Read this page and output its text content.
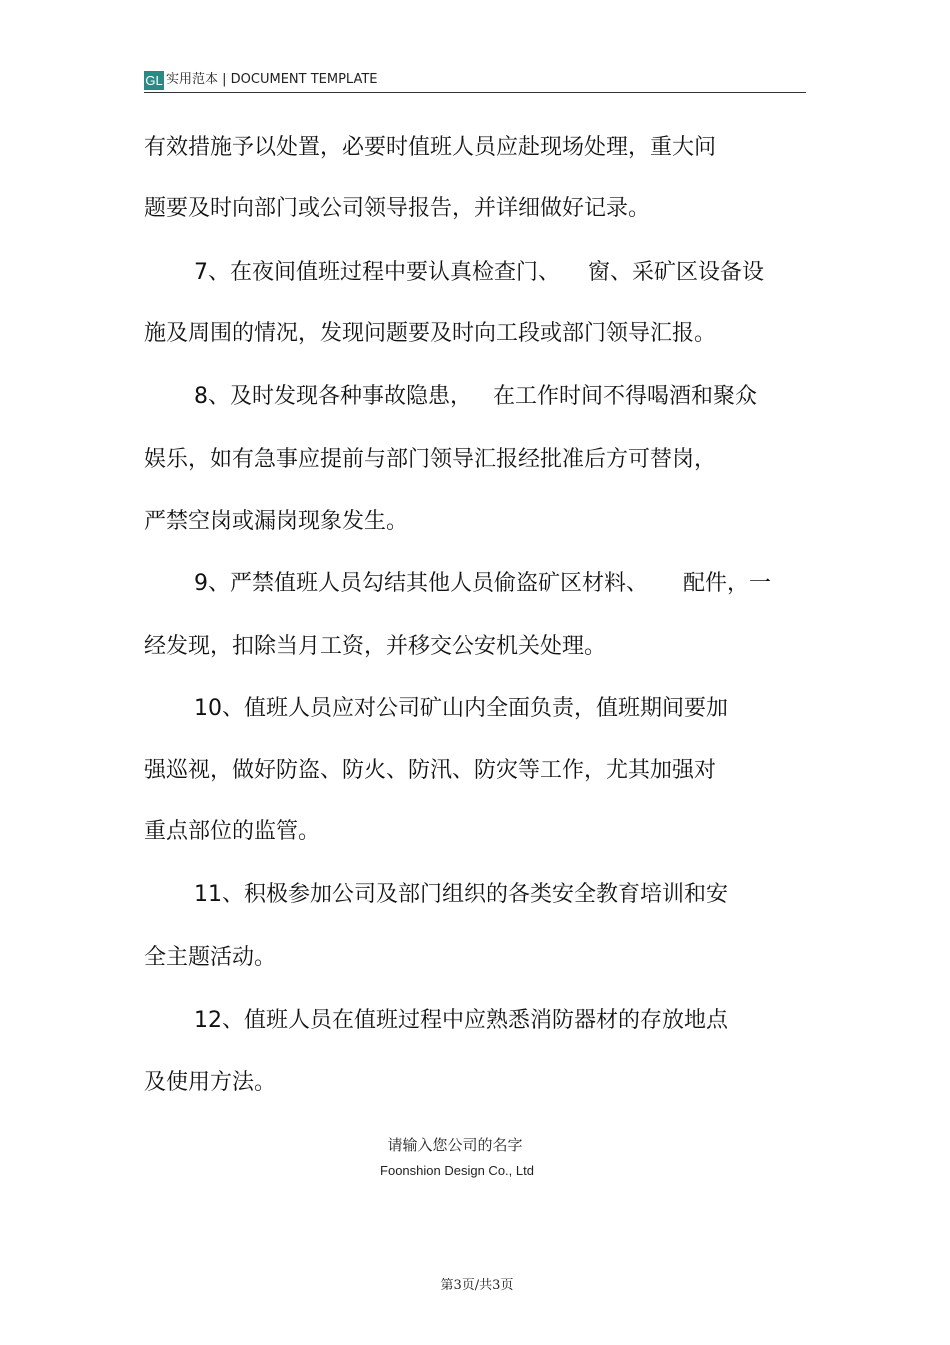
GL 实用范本 | DOCUMENT TEMPLATE
有效措施予以处置，必要时值班人员应赴现场处理，重大问
题要及时向部门或公司领导报告，并详细做好记录。
7、在夜间值班过程中要认真检查门、    窗、采矿区设备设
施及周围的情况，发现问题要及时向工段或部门领导汇报。
8、及时发现各种事故隐患，   在工作时间不得喝酒和聚众
娱乐，如有急事应提前与部门领导汇报经批准后方可替岗，
严禁空岗或漏岗现象发生。
9、严禁值班人员勾结其他人员偷盗矿区材料、     配件，一
经发现，扣除当月工资，并移交公安机关处理。
10、值班人员应对公司矿山内全面负责，值班期间要加
强巡视，做好防盗、防火、防汛、防灾等工作，尤其加强对
重点部位的监管。
11、积极参加公司及部门组织的各类安全教育培训和安
全主题活动。
12、值班人员在值班过程中应熟悉消防器材的存放地点
及使用方法。
请输入您公司的名字
Foonshion Design Co., Ltd
第3页/共3页
